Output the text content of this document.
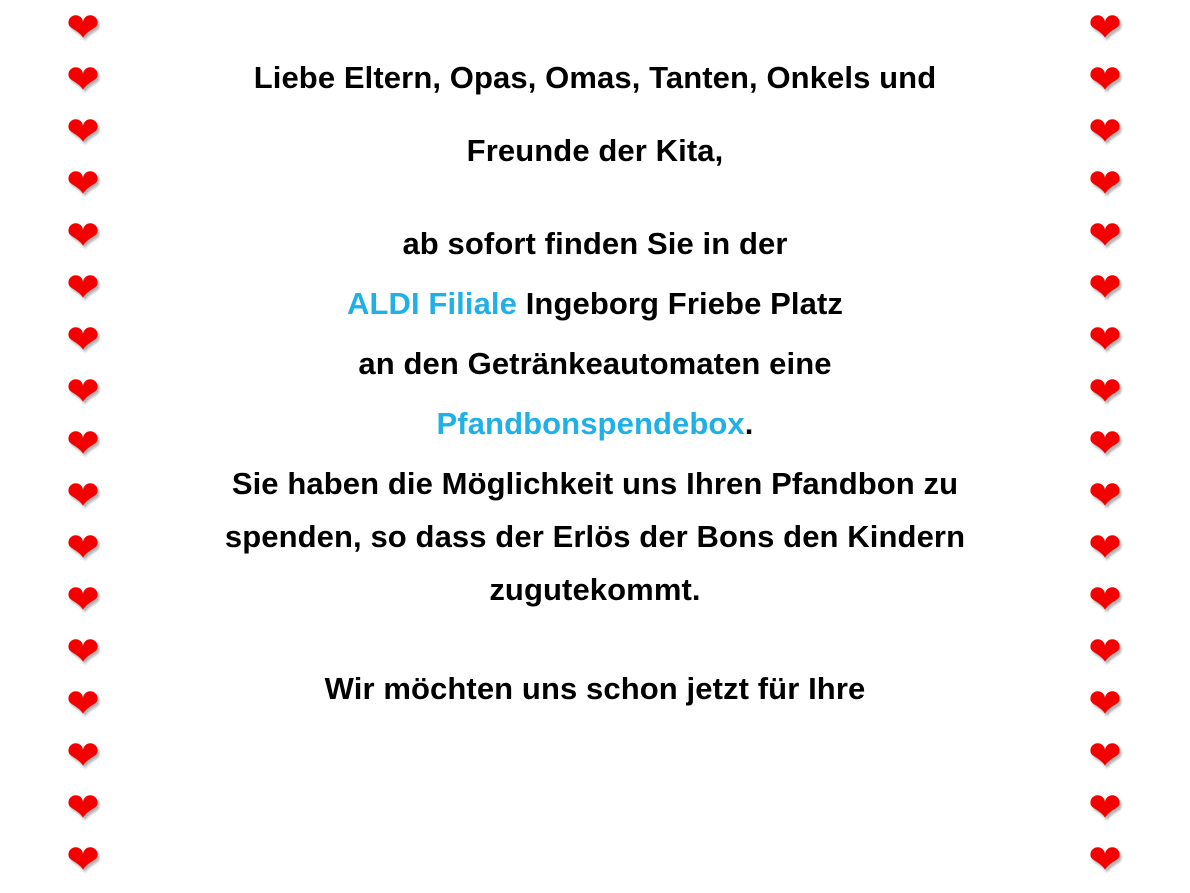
❤
❤
❤
❤
❤
❤
❤
❤
❤
❤
❤
❤
❤
❤
❤
❤
❤
❤
❤
❤
❤
❤
❤
❤
❤
❤
❤
❤
❤
❤
❤
❤
❤
❤
Liebe Eltern, Opas, Omas, Tanten, Onkels und
Freunde der Kita,
ab sofort finden Sie in der
ALDI Filiale Ingeborg Friebe Platz
an den Getränkeautomaten eine
Pfandbonspendebox.
Sie haben die Möglichkeit uns Ihren Pfandbon zu
spenden, so dass der Erlös der Bons den Kindern
zugutekommt.
Wir möchten uns schon jetzt für Ihre
